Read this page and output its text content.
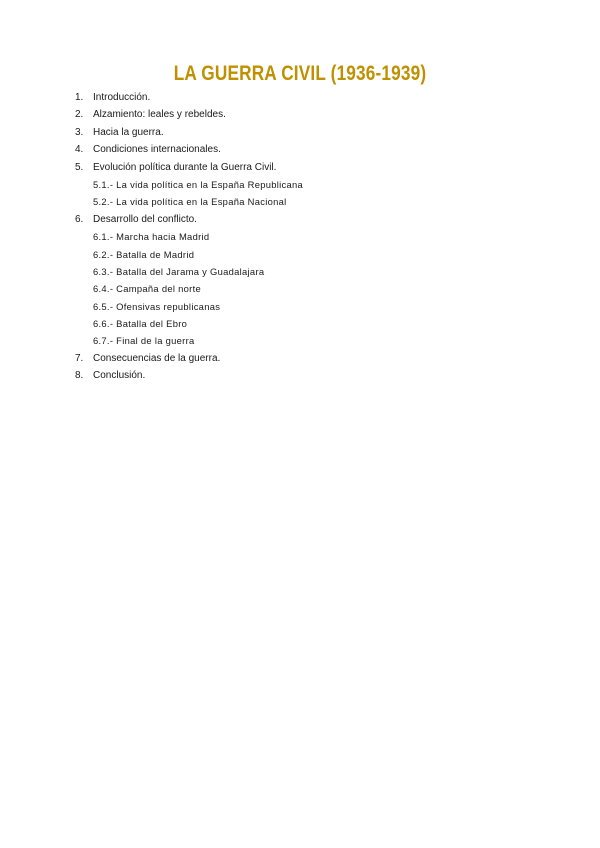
LA GUERRA CIVIL (1936-1939)
1. Introducción.
2. Alzamiento: leales y rebeldes.
3. Hacia la guerra.
4. Condiciones internacionales.
5. Evolución política durante la Guerra Civil.
5.1.- La vida política en la España Republicana
5.2.- La vida política en la España Nacional
6. Desarrollo del conflicto.
6.1.- Marcha hacia Madrid
6.2.- Batalla de Madrid
6.3.- Batalla del Jarama y Guadalajara
6.4.- Campaña del norte
6.5.- Ofensivas republicanas
6.6.- Batalla del Ebro
6.7.- Final de la guerra
7. Consecuencias de la guerra.
8. Conclusión.
